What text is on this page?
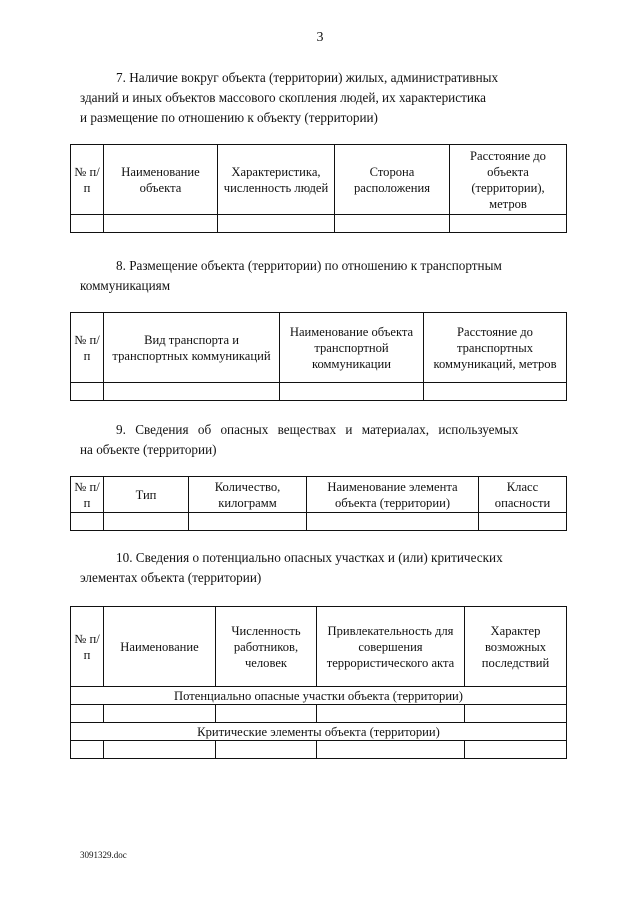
3
7. Наличие вокруг объекта (территории) жилых, административных
зданий и иных объектов массового скопления людей, их характеристика
и размещение по отношению к объекту (территории)
№ п/п	Наименование объекта	Характеристика, численность людей	Сторона расположения	Расстояние до объекта (территории), метров

8. Размещение объекта (территории) по отношению к транспортным
коммуникациям
№ п/п	Вид транспорта и транспортных коммуникаций	Наименование объекта транспортной коммуникации	Расстояние до транспортных коммуникаций, метров

9. Сведения об опасных веществах и материалах, используемых
на объекте (территории)
№ п/п	Тип	Количество, килограмм	Наименование элемента объекта (территории)	Класс опасности

10. Сведения о потенциально опасных участках и (или) критических
элементах объекта (территории)
№ п/п	Наименование	Численность работников, человек	Привлекательность для совершения террористического акта	Характер возможных последствий
Потенциально опасные участки объекта (территории)				

Критические элементы объекта (территории)				

3091329.doc
